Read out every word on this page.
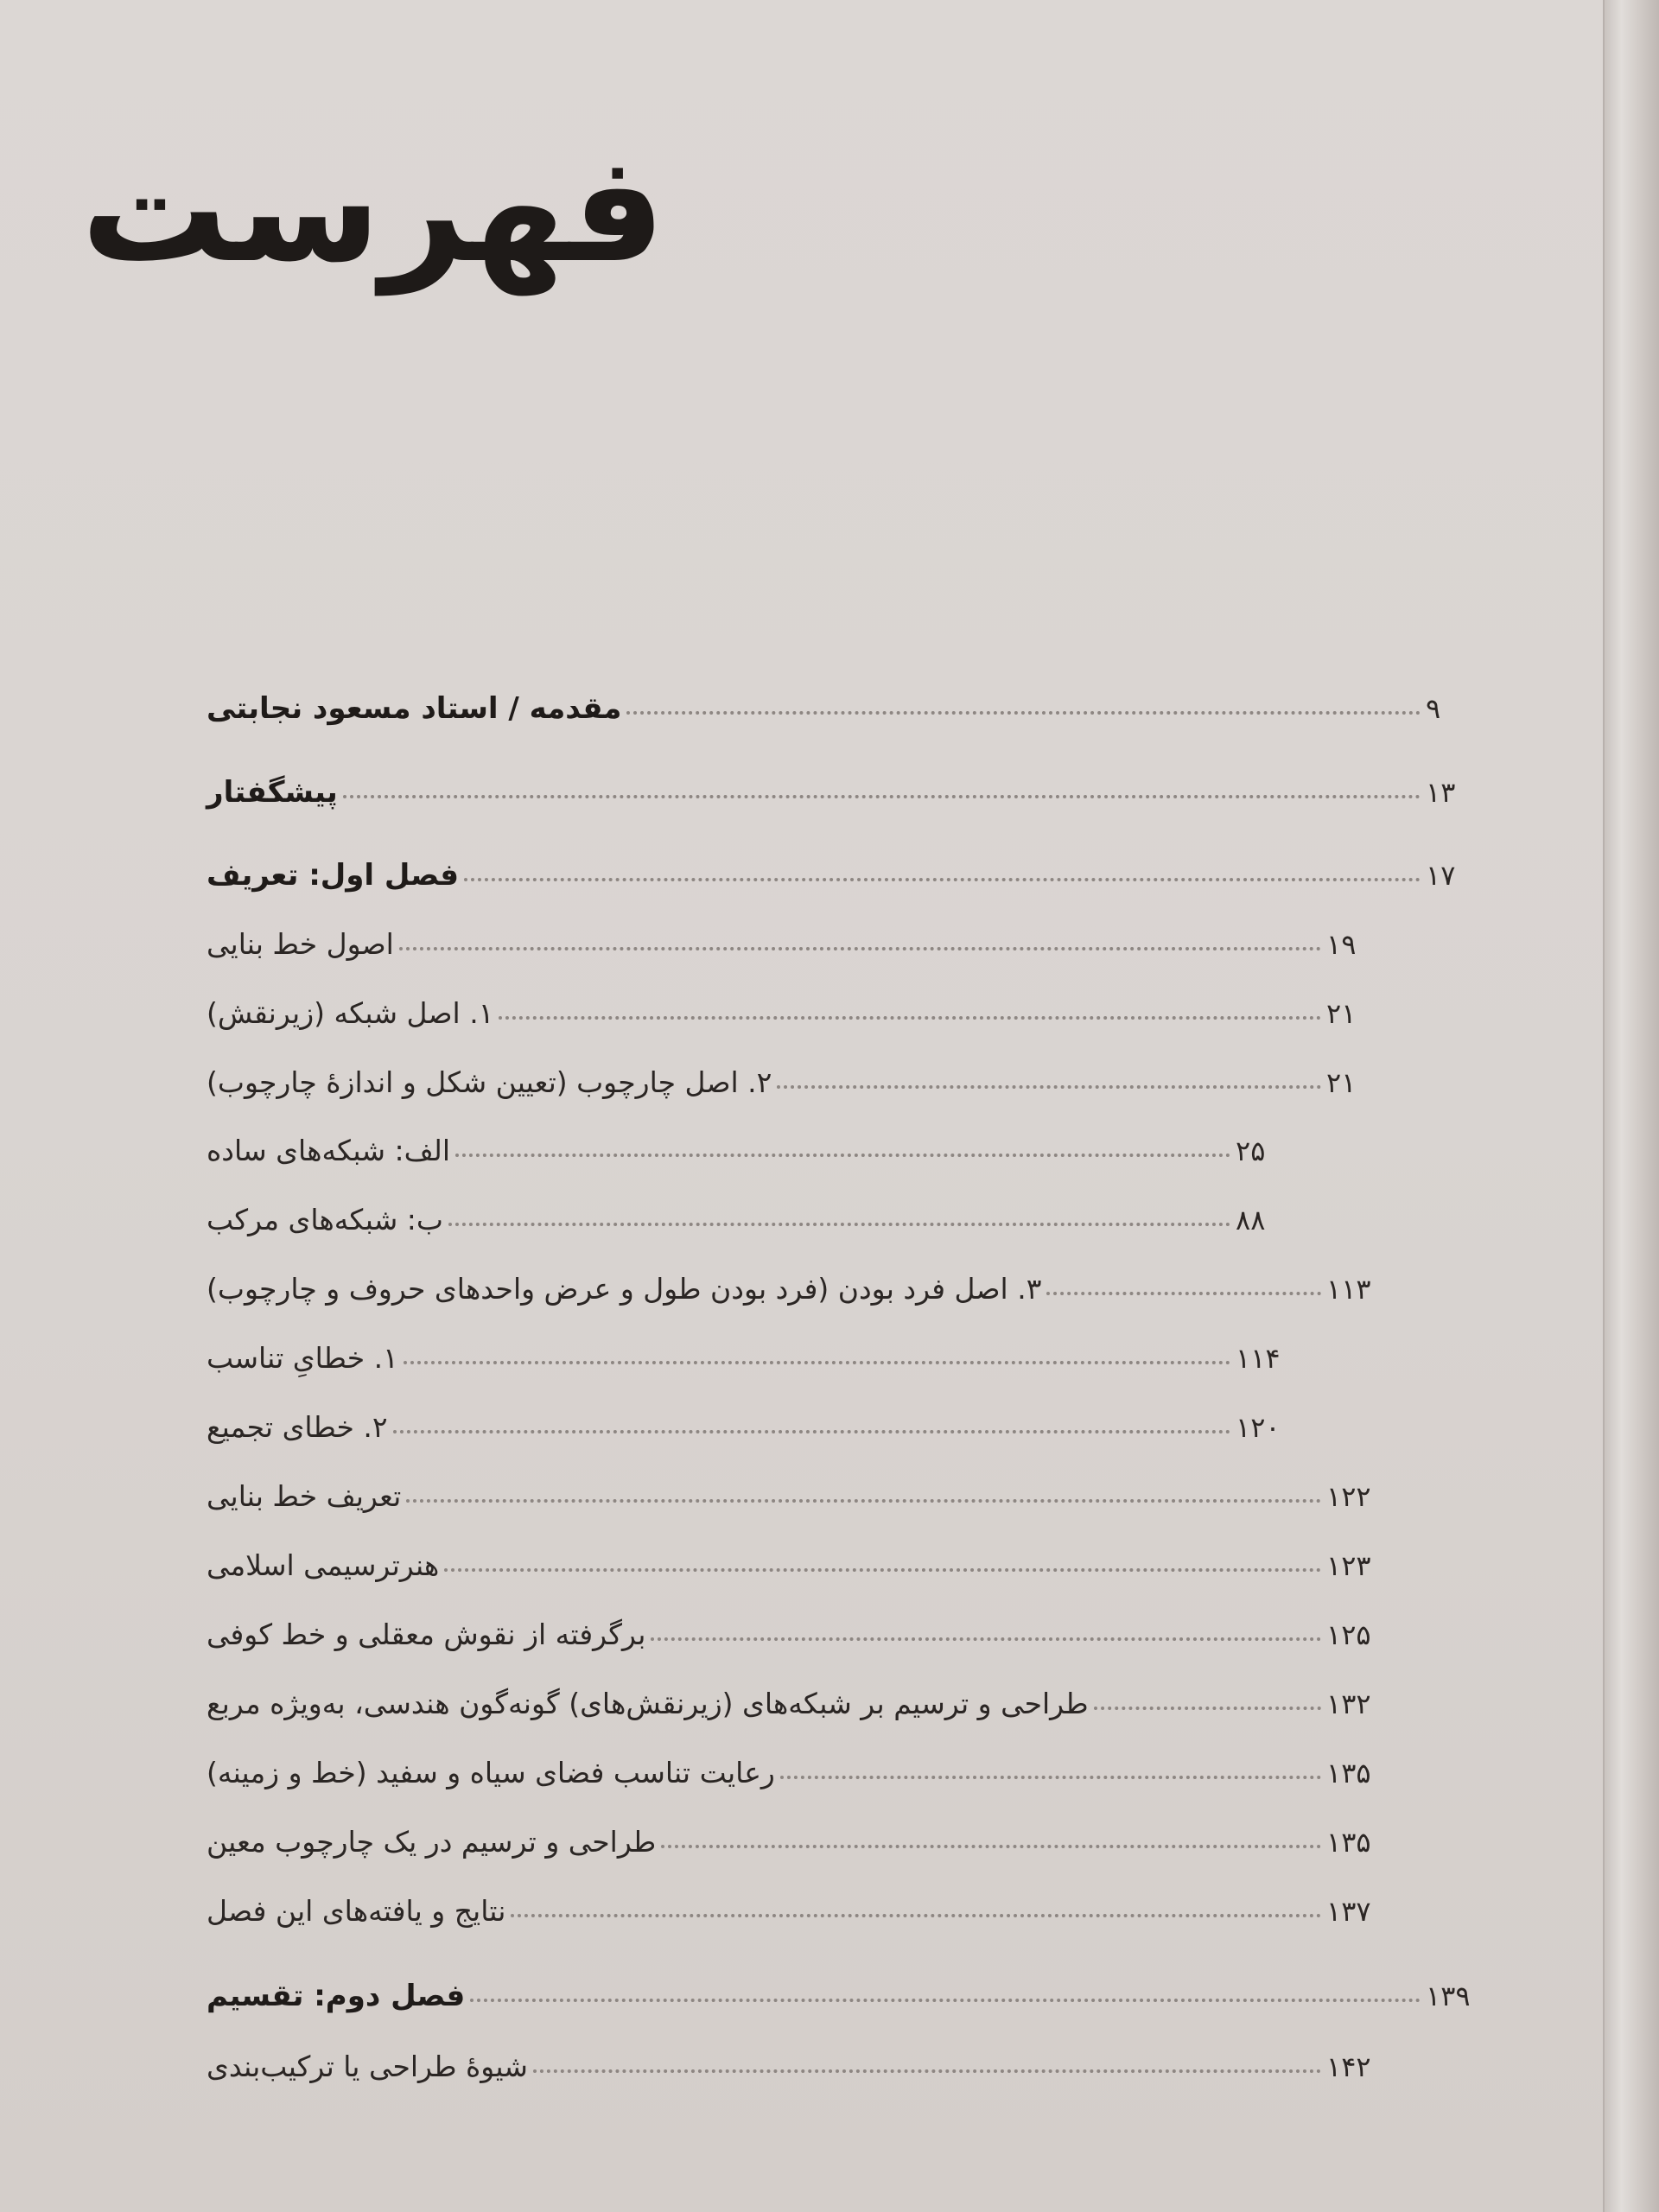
فهرست
مقدمه / استاد مسعود نجابتی	۹
پیشگفتار	۱۳
فصل اول: تعریف	۱۷
اصول خط بنایی	۱۹
۱. اصل شبکه (زیرنقش)	۲۱
۲. اصل چارچوب (تعیین شکل و اندازهٔ چارچوب)	۲۱
الف: شبکه‌های ساده	۲۵
ب: شبکه‌های مرکب	۸۸
۳. اصل فرد بودن (فرد بودن طول و عرض واحدهای حروف و چارچوب)	۱۱۳
۱. خطایِ تناسب	۱۱۴
۲. خطای تجمیع	۱۲۰
تعریف خط بنایی	۱۲۲
هنرترسیمی اسلامی	۱۲۳
برگرفته از نقوش معقلی و خط کوفی	۱۲۵
طراحی و ترسیم بر شبکه‌های (زیرنقش‌های) گونه‌گون هندسی، به‌ویژه مربع	۱۳۲
رعایت تناسب فضای سیاه و سفید (خط و زمینه)	۱۳۵
طراحی و ترسیم در یک چارچوب معین	۱۳۵
نتایج و یافته‌های این فصل	۱۳۷
فصل دوم: تقسیم	۱۳۹
شیوهٔ طراحی یا ترکیب‌بندی	۱۴۲
